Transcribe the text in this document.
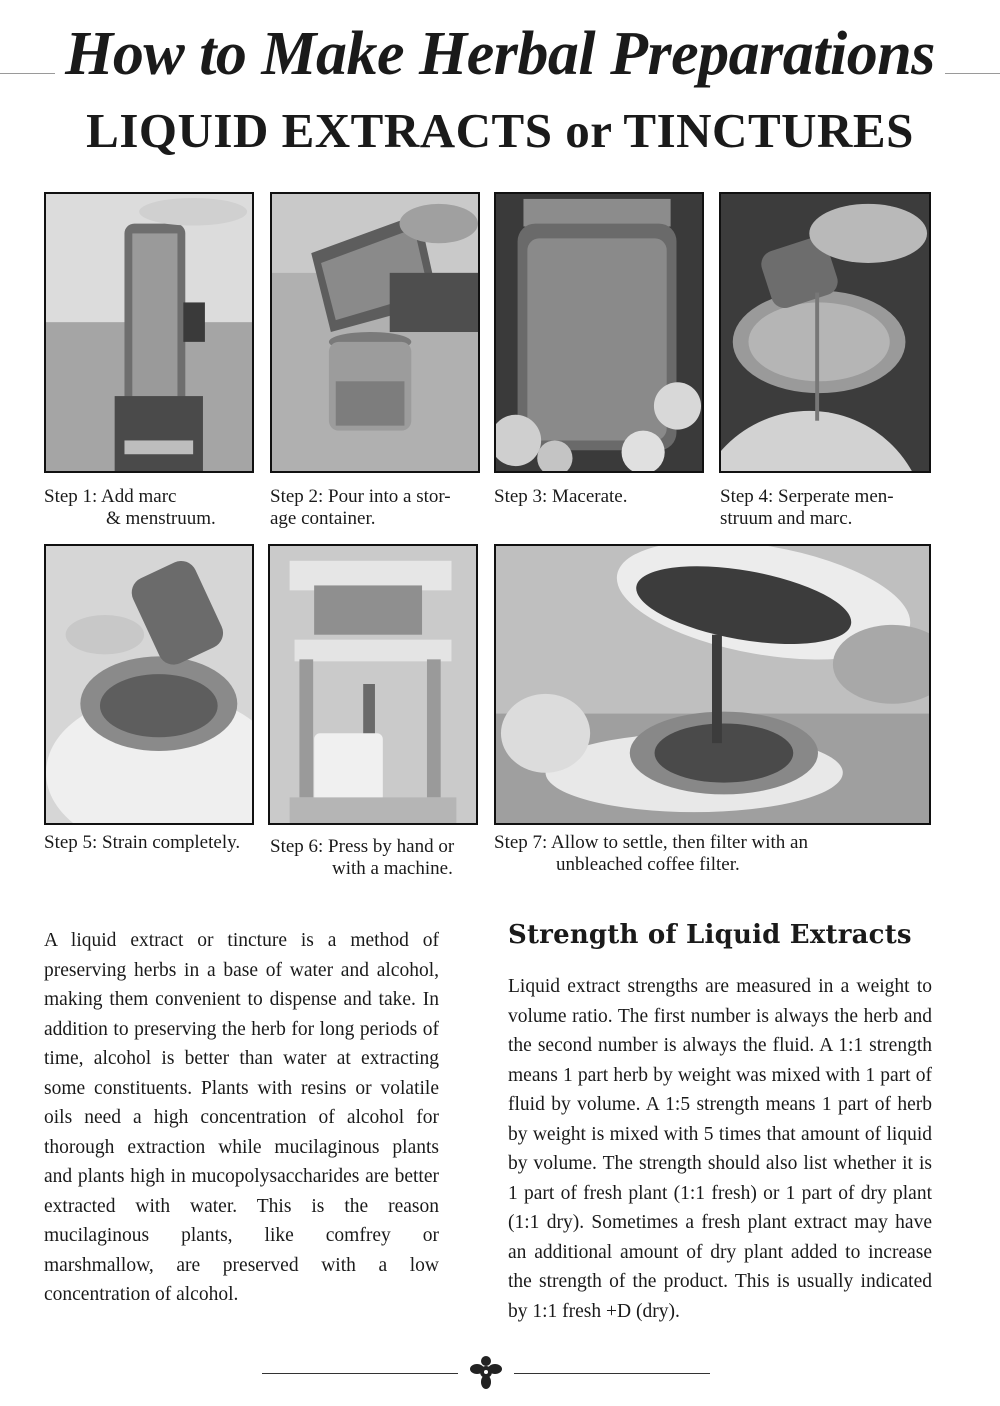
How to Make Herbal Preparations
LIQUID EXTRACTS or TINCTURES
Step 1: Add marc
& menstruum.
Step 2: Pour into a stor-
age container.
Step 3: Macerate.	Step 4: Serperate men-
struum and marc.
Step 5: Strain completely.	Step 6: Press by hand or
with a machine.
Step 7: Allow to settle, then filter with an
unbleached coffee filter.
A liquid extract or tincture is a method of preserving herbs in a base of water and alcohol, making them convenient to dispense and take. In addition to preserving the herb for long periods of time, alcohol is better than water at extracting some constituents. Plants with resins or volatile oils need a high concentration of alcohol for thorough extraction while mucilaginous plants and plants high in mucopolysaccharides are better extracted with water. This is the reason mucilaginous plants, like comfrey or marshmallow, are preserved with a low concentration of alcohol.
Strength of Liquid Extracts
Liquid extract strengths are measured in a weight to volume ratio. The first number is always the herb and the second number is always the fluid. A 1:1 strength means 1 part herb by weight was mixed with 1 part of fluid by volume. A 1:5 strength means 1 part of herb by weight is mixed with 5 times that amount of liquid by volume. The strength should also list whether it is 1 part of fresh plant (1:1 fresh) or 1 part of dry plant (1:1 dry). Sometimes a fresh plant extract may have an additional amount of dry plant added to increase the strength of the product. This is usually indicated by 1:1 fresh +D (dry).
